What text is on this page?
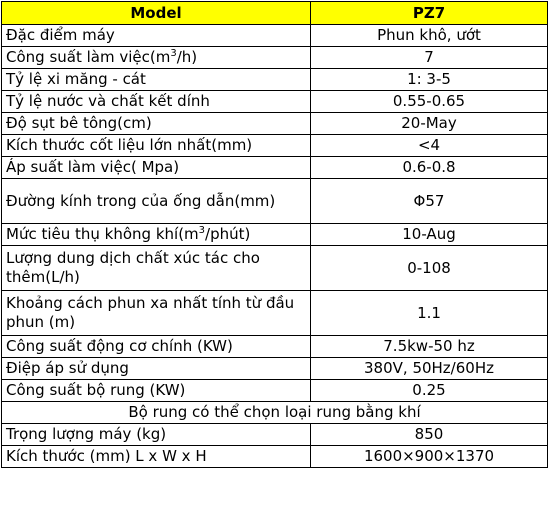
Model	PZ7
Đặc điểm máy	Phun khô, ướt
Công suất làm $việc(m^3/h)$	7
Tỷ lệ xi măng - cát	1: 3-5
Tỷ lệ nước và chất kết dính	0.55-0.65
Độ sụt bê tông(cm)	20-May
Kích thước cốt liệu lớn nhất(mm)	<4
Áp suất làm việc( Mpa)	0.6-0.8
Đường kính trong của ống dẫn(mm)	Φ57
Mức tiêu thụ không $khí(m^3/phút)$	10-Aug
Lượng dung dịch chất xúc tác cho thêm(L/h)	0-108
Khoảng cách phun xa nhất tính từ đầu phun (m)	1.1
Công suất động cơ chính (KW)	7.5kw-50 hz
Điệp áp sử dụng	380V, 50Hz/60Hz
Công suất bộ rung (KW)	0.25
Bộ rung có thể chọn loại rung bằng khí	
Trọng lượng máy (kg)	850
Kích thước (mm) L x W x H	1600×900×1370
